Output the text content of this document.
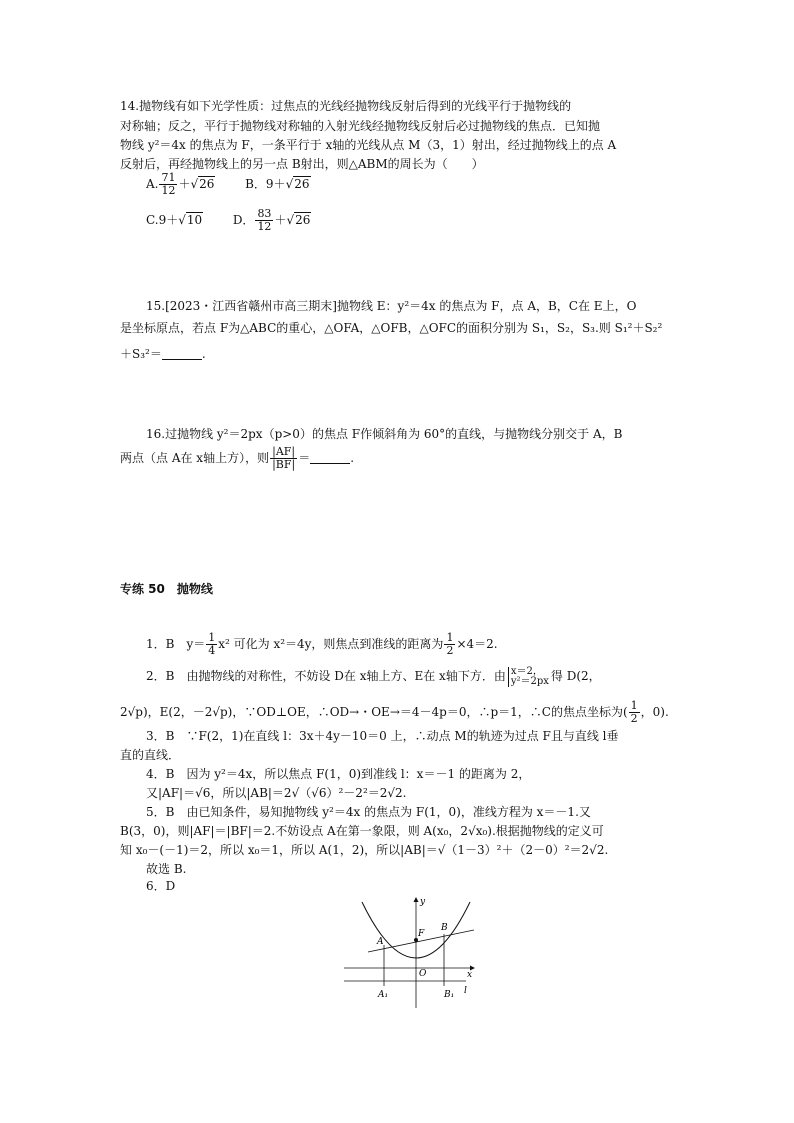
14.抛物线有如下光学性质：过焦点的光线经抛物线反射后得到的光线平行于抛物线的
对称轴；反之，平行于抛物线对称轴的入射光线经抛物线反射后必过抛物线的焦点．已知抛
物线 y²＝4x 的焦点为 F，一条平行于 x轴的光线从点 M（3，1）射出，经过抛物线上的点 A
反射后，再经抛物线上的另一点 B射出，则△ABM的周长为（　　）
A. $\frac{71}{12} +√26$	B．9＋√26
C.9＋√10	D． $\frac{83}{12} +√26$
15.[2023・江西省赣州市高三期末]抛物线 E：y²＝4x 的焦点为 F，点 A，B，C在 E上，O
是坐标原点，若点 F为△ABC的重心，△OFA，△OFB，△OFC的面积分别为 S₁，S₂，S₃.则 S₁²＋S₂²
＋S₃²＝	.
16.过抛物线 y²＝2px（p>0）的焦点 F作倾斜角为 60°的直线，与抛物线分别交于 A，B
两点（点 A在 x轴上方），则 $\frac{|AF|}{|BF|}$ ＝	.
专练 50　抛物线
1．B　$y= \frac{1}{4} x^2$ 可化为 x²＝4y，则焦点到准线的距离为 $\frac{1}{2} \times 4=2$.
2．B　由抛物线的对称性，不妨设 D在 x轴上方、E在 x轴下方．由 x＝2，
y²＝2px 得 D(2，
2√p)，E(2，－2√p)，∵OD⊥OE，∴OD→・OE→＝4－4p＝0，∴p＝1，∴C的焦点坐标为( $\frac{1}{2}$ ，0).
3．B　∵F(2，1)在直线 l：3x＋4y－10＝0 上，∴动点 M的轨迹为过点 F且与直线 l垂
直的直线．
4．B　因为 y²＝4x，所以焦点 F(1，0)到准线 l：x＝－1 的距离为 2，
又|AF|＝√6，所以|AB|＝2√（√6）²－2²＝2√2.
5．B　由已知条件，易知抛物线 y²＝4x 的焦点为 F(1，0)，准线方程为 x＝－1.又
B(3，0)，则|AF|＝|BF|＝2.不妨设点 A在第一象限，则 A(x₀，2√x₀).根据抛物线的定义可
知 x₀－(－1)＝2，所以 x₀＝1，所以 A(1，2)，所以|AB|＝√（1－3）²＋（2－0）²＝2√2.
故选 B.
6．D
y
x
A
B
F
O
A₁	B₁ l
